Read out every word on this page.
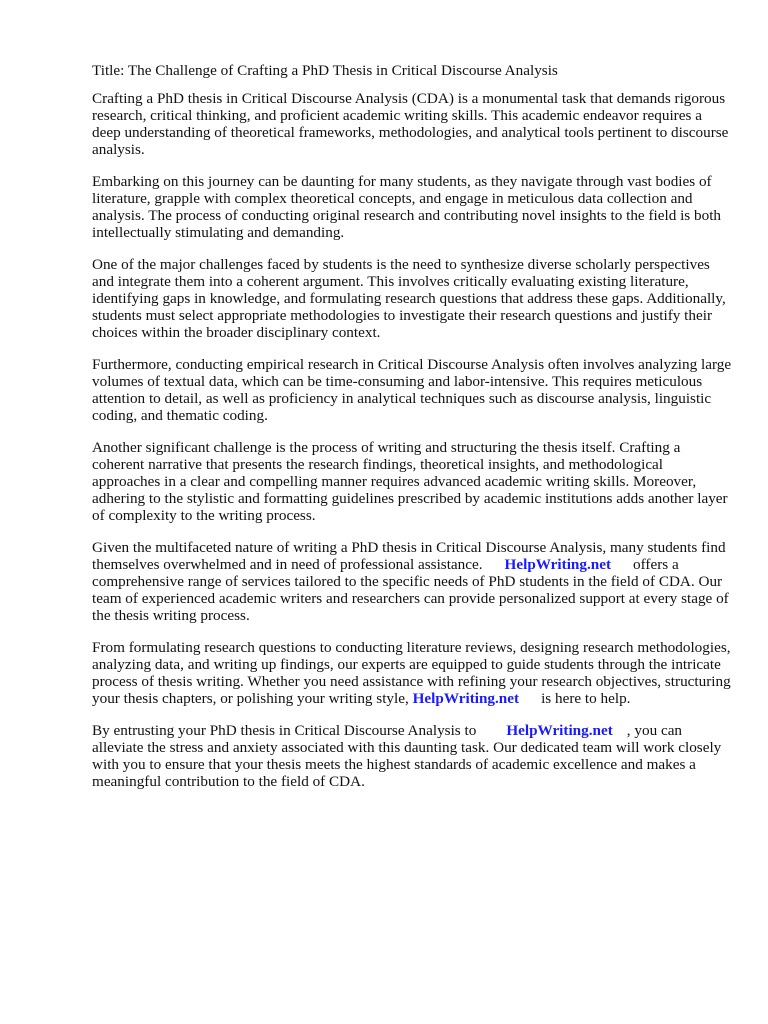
Title: The Challenge of Crafting a PhD Thesis in Critical Discourse Analysis

Crafting a PhD thesis in Critical Discourse Analysis (CDA) is a monumental task that demands rigorous research, critical thinking, and proficient academic writing skills. This academic endeavor requires a deep understanding of theoretical frameworks, methodologies, and analytical tools pertinent to discourse analysis.

Embarking on this journey can be daunting for many students, as they navigate through vast bodies of literature, grapple with complex theoretical concepts, and engage in meticulous data collection and analysis. The process of conducting original research and contributing novel insights to the field is both intellectually stimulating and demanding.

One of the major challenges faced by students is the need to synthesize diverse scholarly perspectives and integrate them into a coherent argument. This involves critically evaluating existing literature, identifying gaps in knowledge, and formulating research questions that address these gaps. Additionally, students must select appropriate methodologies to investigate their research questions and justify their choices within the broader disciplinary context.

Furthermore, conducting empirical research in Critical Discourse Analysis often involves analyzing large volumes of textual data, which can be time-consuming and labor-intensive. This requires meticulous attention to detail, as well as proficiency in analytical techniques such as discourse analysis, linguistic coding, and thematic coding.

Another significant challenge is the process of writing and structuring the thesis itself. Crafting a coherent narrative that presents the research findings, theoretical insights, and methodological approaches in a clear and compelling manner requires advanced academic writing skills. Moreover, adhering to the stylistic and formatting guidelines prescribed by academic institutions adds another layer of complexity to the writing process.

Given the multifaceted nature of writing a PhD thesis in Critical Discourse Analysis, many students find themselves overwhelmed and in need of professional assistance. HelpWriting.net offers a comprehensive range of services tailored to the specific needs of PhD students in the field of CDA. Our team of experienced academic writers and researchers can provide personalized support at every stage of the thesis writing process.

From formulating research questions to conducting literature reviews, designing research methodologies, analyzing data, and writing up findings, our experts are equipped to guide students through the intricate process of thesis writing. Whether you need assistance with refining your research objectives, structuring your thesis chapters, or polishing your writing style, HelpWriting.net is here to help.

By entrusting your PhD thesis in Critical Discourse Analysis to HelpWriting.net , you can alleviate the stress and anxiety associated with this daunting task. Our dedicated team will work closely with you to ensure that your thesis meets the highest standards of academic excellence and makes a meaningful contribution to the field of CDA.
